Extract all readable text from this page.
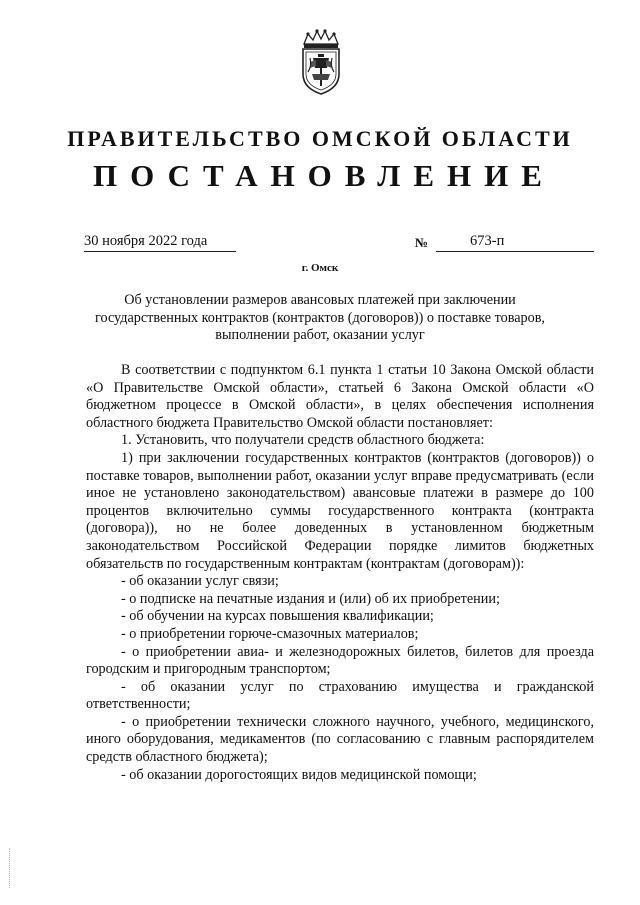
ПРАВИТЕЛЬСТВО ОМСКОЙ ОБЛАСТИ
ПОСТАНОВЛЕНИЕ
30 ноября 2022 года	№	673-п
г. Омск
Об установлении размеров авансовых платежей при заключении
государственных контрактов (контрактов (договоров)) о поставке товаров,
выполнении работ, оказании услуг

В соответствии с подпунктом 6.1 пункта 1 статьи 10 Закона Омской области «О Правительстве Омской области», статьей 6 Закона Омской области «О бюджетном процессе в Омской области», в целях обеспечения исполнения областного бюджета Правительство Омской области постановляет:

1. Установить, что получатели средств областного бюджета:

1) при заключении государственных контрактов (контрактов (договоров)) о поставке товаров, выполнении работ, оказании услуг вправе предусматривать (если иное не установлено законодательством) авансовые платежи в размере до 100 процентов включительно суммы государственного контракта (контракта (договора)), но не более доведенных в установленном бюджетным законодательством Российской Федерации порядке лимитов бюджетных обязательств по государственным контрактам (контрактам (договорам)):

- об оказании услуг связи;

- о подписке на печатные издания и (или) об их приобретении;

- об обучении на курсах повышения квалификации;

- о приобретении горюче-смазочных материалов;

- о приобретении авиа- и железнодорожных билетов, билетов для проезда городским и пригородным транспортом;

- об оказании услуг по страхованию имущества и гражданской ответственности;

- о приобретении технически сложного научного, учебного, медицинского, иного оборудования, медикаментов (по согласованию с главным распорядителем средств областного бюджета);

- об оказании дорогостоящих видов медицинской помощи;
